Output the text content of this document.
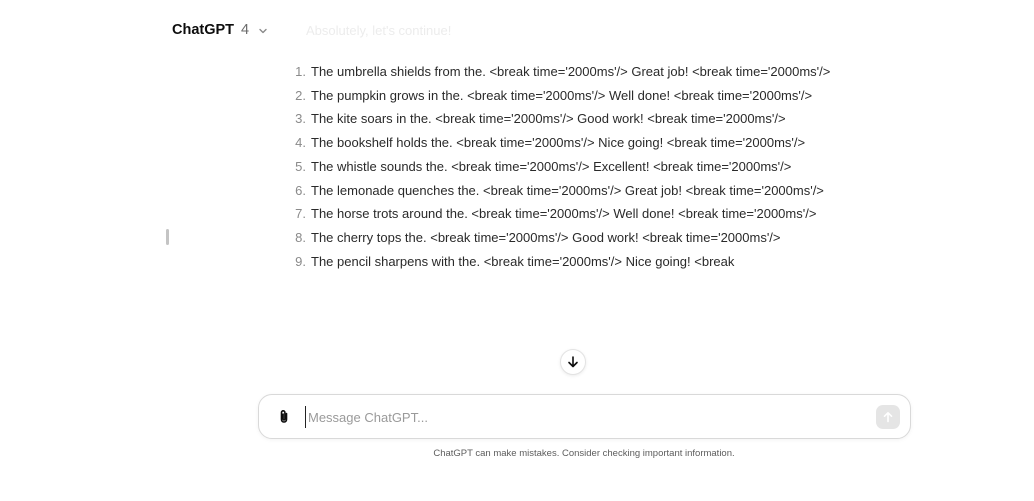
ChatGPT 4	Absolutely, let's continue!
1. The umbrella shields from the. <break time='2000ms'/> Great job! <break time='2000ms'/>
2. The pumpkin grows in the. <break time='2000ms'/> Well done! <break time='2000ms'/>
3. The kite soars in the. <break time='2000ms'/> Good work! <break time='2000ms'/>
4. The bookshelf holds the. <break time='2000ms'/> Nice going! <break time='2000ms'/>
5. The whistle sounds the. <break time='2000ms'/> Excellent! <break time='2000ms'/>
6. The lemonade quenches the. <break time='2000ms'/> Great job! <break time='2000ms'/>
7. The horse trots around the. <break time='2000ms'/> Well done! <break time='2000ms'/>
8. The cherry tops the. <break time='2000ms'/> Good work! <break time='2000ms'/>
9. The pencil sharpens with the. <break time='2000ms'/> Nice going! <break
Message ChatGPT...
ChatGPT can make mistakes. Consider checking important information.
